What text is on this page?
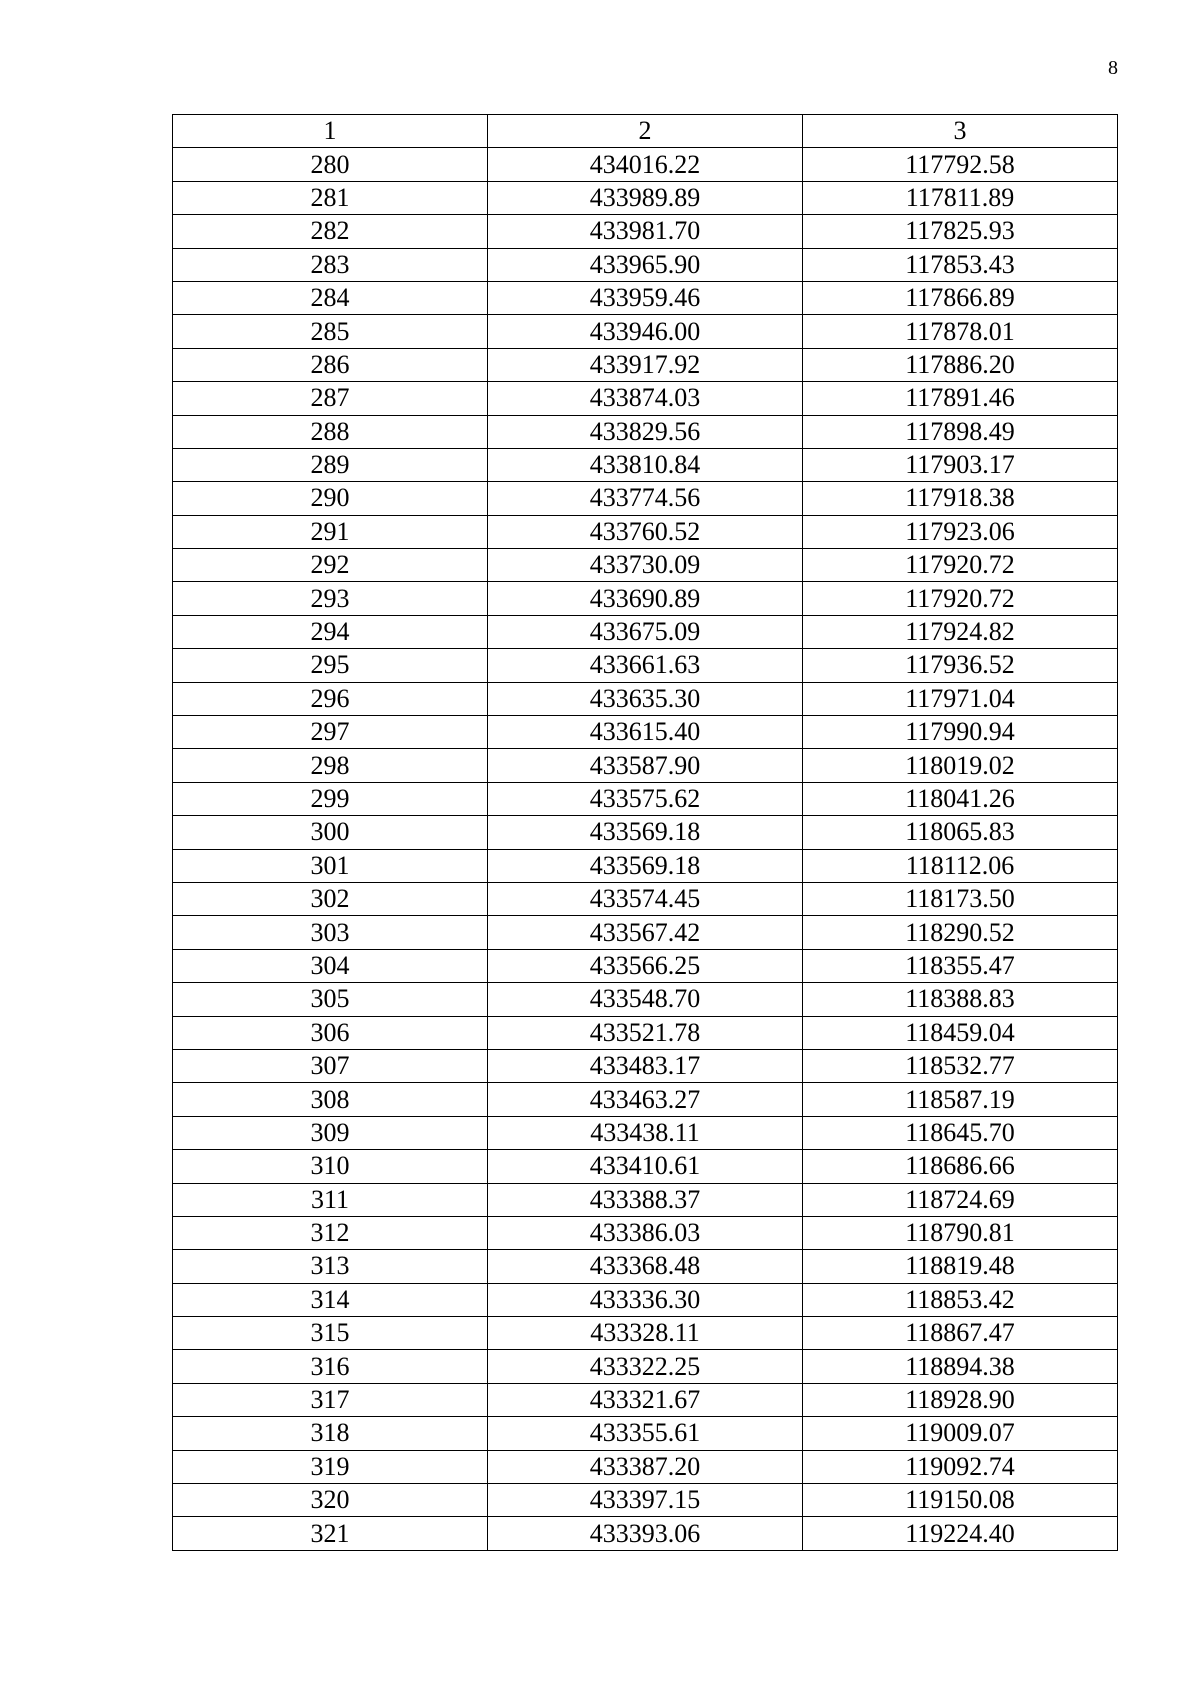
8
1	2	3
280	434016.22	117792.58
281	433989.89	117811.89
282	433981.70	117825.93
283	433965.90	117853.43
284	433959.46	117866.89
285	433946.00	117878.01
286	433917.92	117886.20
287	433874.03	117891.46
288	433829.56	117898.49
289	433810.84	117903.17
290	433774.56	117918.38
291	433760.52	117923.06
292	433730.09	117920.72
293	433690.89	117920.72
294	433675.09	117924.82
295	433661.63	117936.52
296	433635.30	117971.04
297	433615.40	117990.94
298	433587.90	118019.02
299	433575.62	118041.26
300	433569.18	118065.83
301	433569.18	118112.06
302	433574.45	118173.50
303	433567.42	118290.52
304	433566.25	118355.47
305	433548.70	118388.83
306	433521.78	118459.04
307	433483.17	118532.77
308	433463.27	118587.19
309	433438.11	118645.70
310	433410.61	118686.66
311	433388.37	118724.69
312	433386.03	118790.81
313	433368.48	118819.48
314	433336.30	118853.42
315	433328.11	118867.47
316	433322.25	118894.38
317	433321.67	118928.90
318	433355.61	119009.07
319	433387.20	119092.74
320	433397.15	119150.08
321	433393.06	119224.40
